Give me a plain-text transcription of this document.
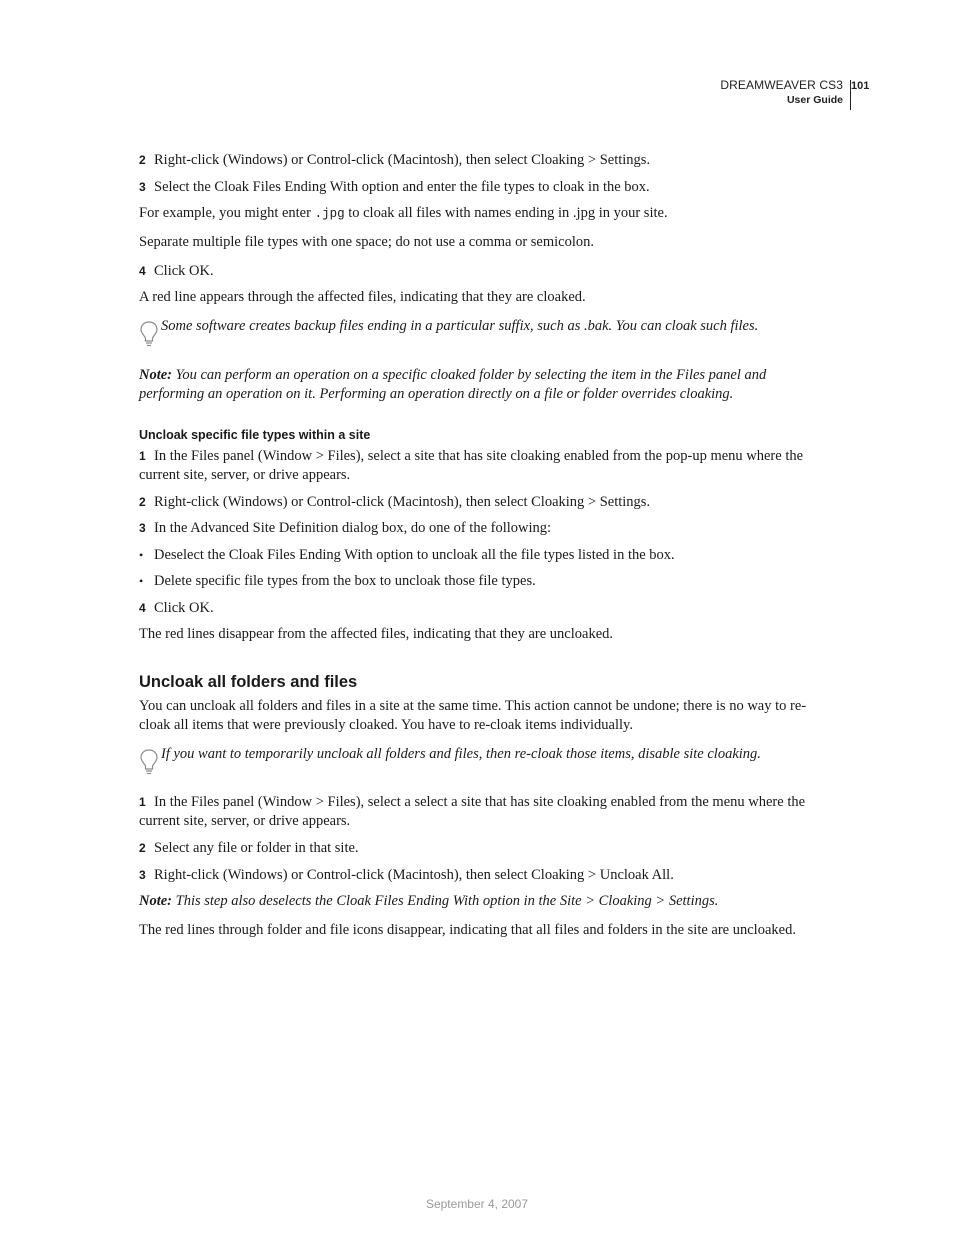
DREAMWEAVER CS3
User Guide
101
2 Right-click (Windows) or Control-click (Macintosh), then select Cloaking > Settings.
3 Select the Cloak Files Ending With option and enter the file types to cloak in the box.
For example, you might enter .jpg to cloak all files with names ending in .jpg in your site.
Separate multiple file types with one space; do not use a comma or semicolon.
4 Click OK.
A red line appears through the affected files, indicating that they are cloaked.
Some software creates backup files ending in a particular suffix, such as .bak. You can cloak such files.
Note: You can perform an operation on a specific cloaked folder by selecting the item in the Files panel and performing an operation on it. Performing an operation directly on a file or folder overrides cloaking.
Uncloak specific file types within a site
1 In the Files panel (Window > Files), select a site that has site cloaking enabled from the pop-up menu where the current site, server, or drive appears.
2 Right-click (Windows) or Control-click (Macintosh), then select Cloaking > Settings.
3 In the Advanced Site Definition dialog box, do one of the following:
• Deselect the Cloak Files Ending With option to uncloak all the file types listed in the box.
• Delete specific file types from the box to uncloak those file types.
4 Click OK.
The red lines disappear from the affected files, indicating that they are uncloaked.
Uncloak all folders and files
You can uncloak all folders and files in a site at the same time. This action cannot be undone; there is no way to re-cloak all items that were previously cloaked. You have to re-cloak items individually.
If you want to temporarily uncloak all folders and files, then re-cloak those items, disable site cloaking.
1 In the Files panel (Window > Files), select a select a site that has site cloaking enabled from the menu where the current site, server, or drive appears.
2 Select any file or folder in that site.
3 Right-click (Windows) or Control-click (Macintosh), then select Cloaking > Uncloak All.
Note: This step also deselects the Cloak Files Ending With option in the Site > Cloaking > Settings.
The red lines through folder and file icons disappear, indicating that all files and folders in the site are uncloaked.
September 4, 2007
